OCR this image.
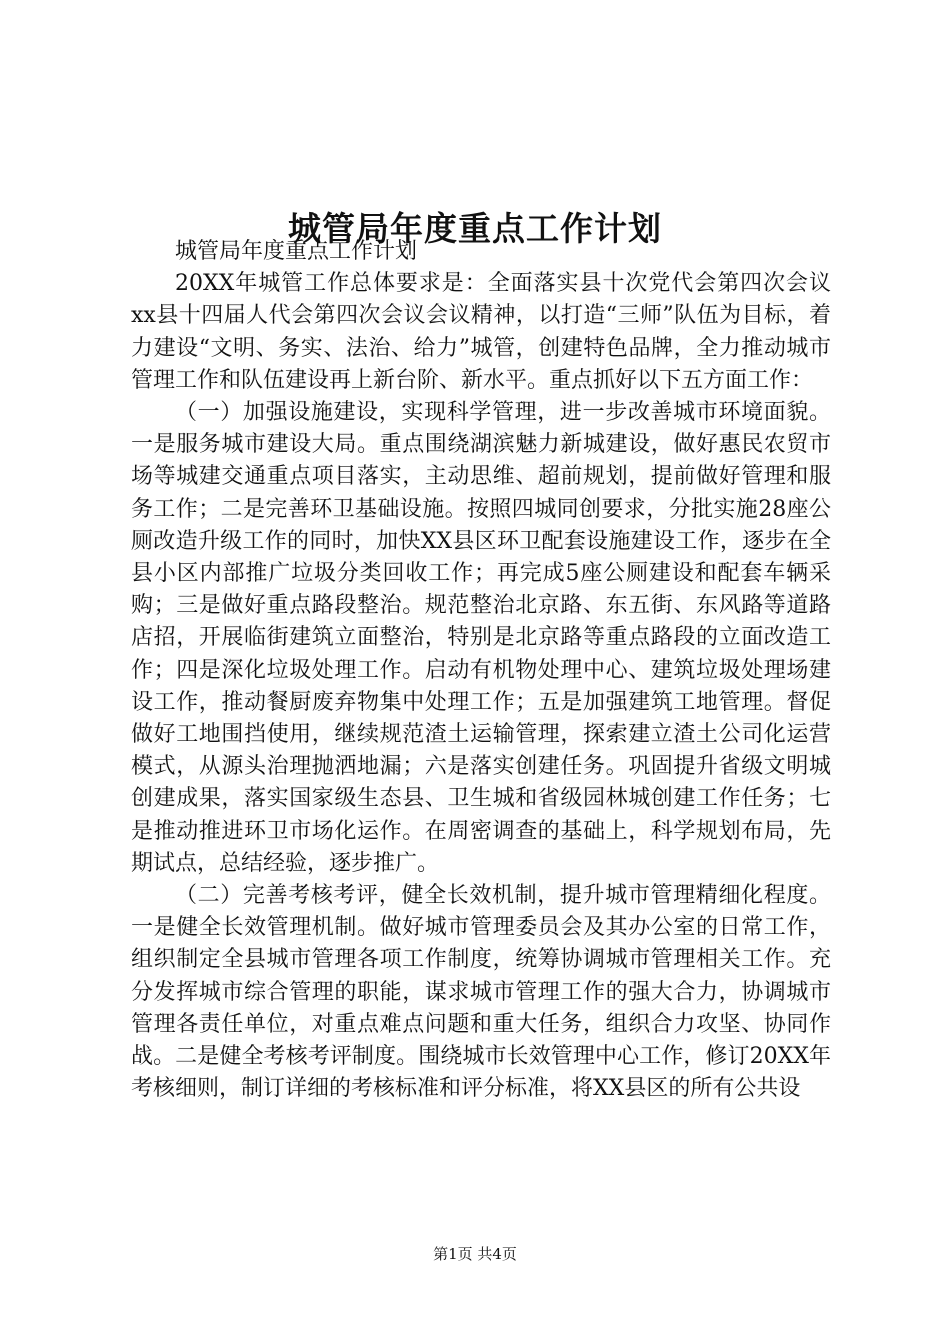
城管局年度重点工作计划

城管局年度重点工作计划

20XX年城管工作总体要求是：全面落实县十次党代会第四次会议xx县十四届人代会第四次会议会议精神，以打造“三师”队伍为目标，着力建设“文明、务实、法治、给力”城管，创建特色品牌，全力推动城市管理工作和队伍建设再上新台阶、新水平。重点抓好以下五方面工作：

（一）加强设施建设，实现科学管理，进一步改善城市环境面貌。一是服务城市建设大局。重点围绕湖滨魅力新城建设，做好惠民农贸市场等城建交通重点项目落实，主动思维、超前规划，提前做好管理和服务工作；二是完善环卫基础设施。按照四城同创要求，分批实施28座公厕改造升级工作的同时，加快XX县区环卫配套设施建设工作，逐步在全县小区内部推广垃圾分类回收工作；再完成5座公厕建设和配套车辆采购；三是做好重点路段整治。规范整治北京路、东五街、东风路等道路店招，开展临街建筑立面整治，特别是北京路等重点路段的立面改造工作；四是深化垃圾处理工作。启动有机物处理中心、建筑垃圾处理场建设工作，推动餐厨废弃物集中处理工作；五是加强建筑工地管理。督促做好工地围挡使用，继续规范渣土运输管理，探索建立渣土公司化运营模式，从源头治理抛洒地漏；六是落实创建任务。巩固提升省级文明城创建成果，落实国家级生态县、卫生城和省级园林城创建工作任务；七是推动推进环卫市场化运作。在周密调查的基础上，科学规划布局，先期试点，总结经验，逐步推广。

（二）完善考核考评，健全长效机制，提升城市管理精细化程度。一是健全长效管理机制。做好城市管理委员会及其办公室的日常工作，组织制定全县城市管理各项工作制度，统筹协调城市管理相关工作。充分发挥城市综合管理的职能，谋求城市管理工作的强大合力，协调城市管理各责任单位，对重点难点问题和重大任务，组织合力攻坚、协同作战。二是健全考核考评制度。围绕城市长效管理中心工作，修订20XX年考核细则，制订详细的考核标准和评分标准，将XX县区的所有公共设

第1页 共4页
